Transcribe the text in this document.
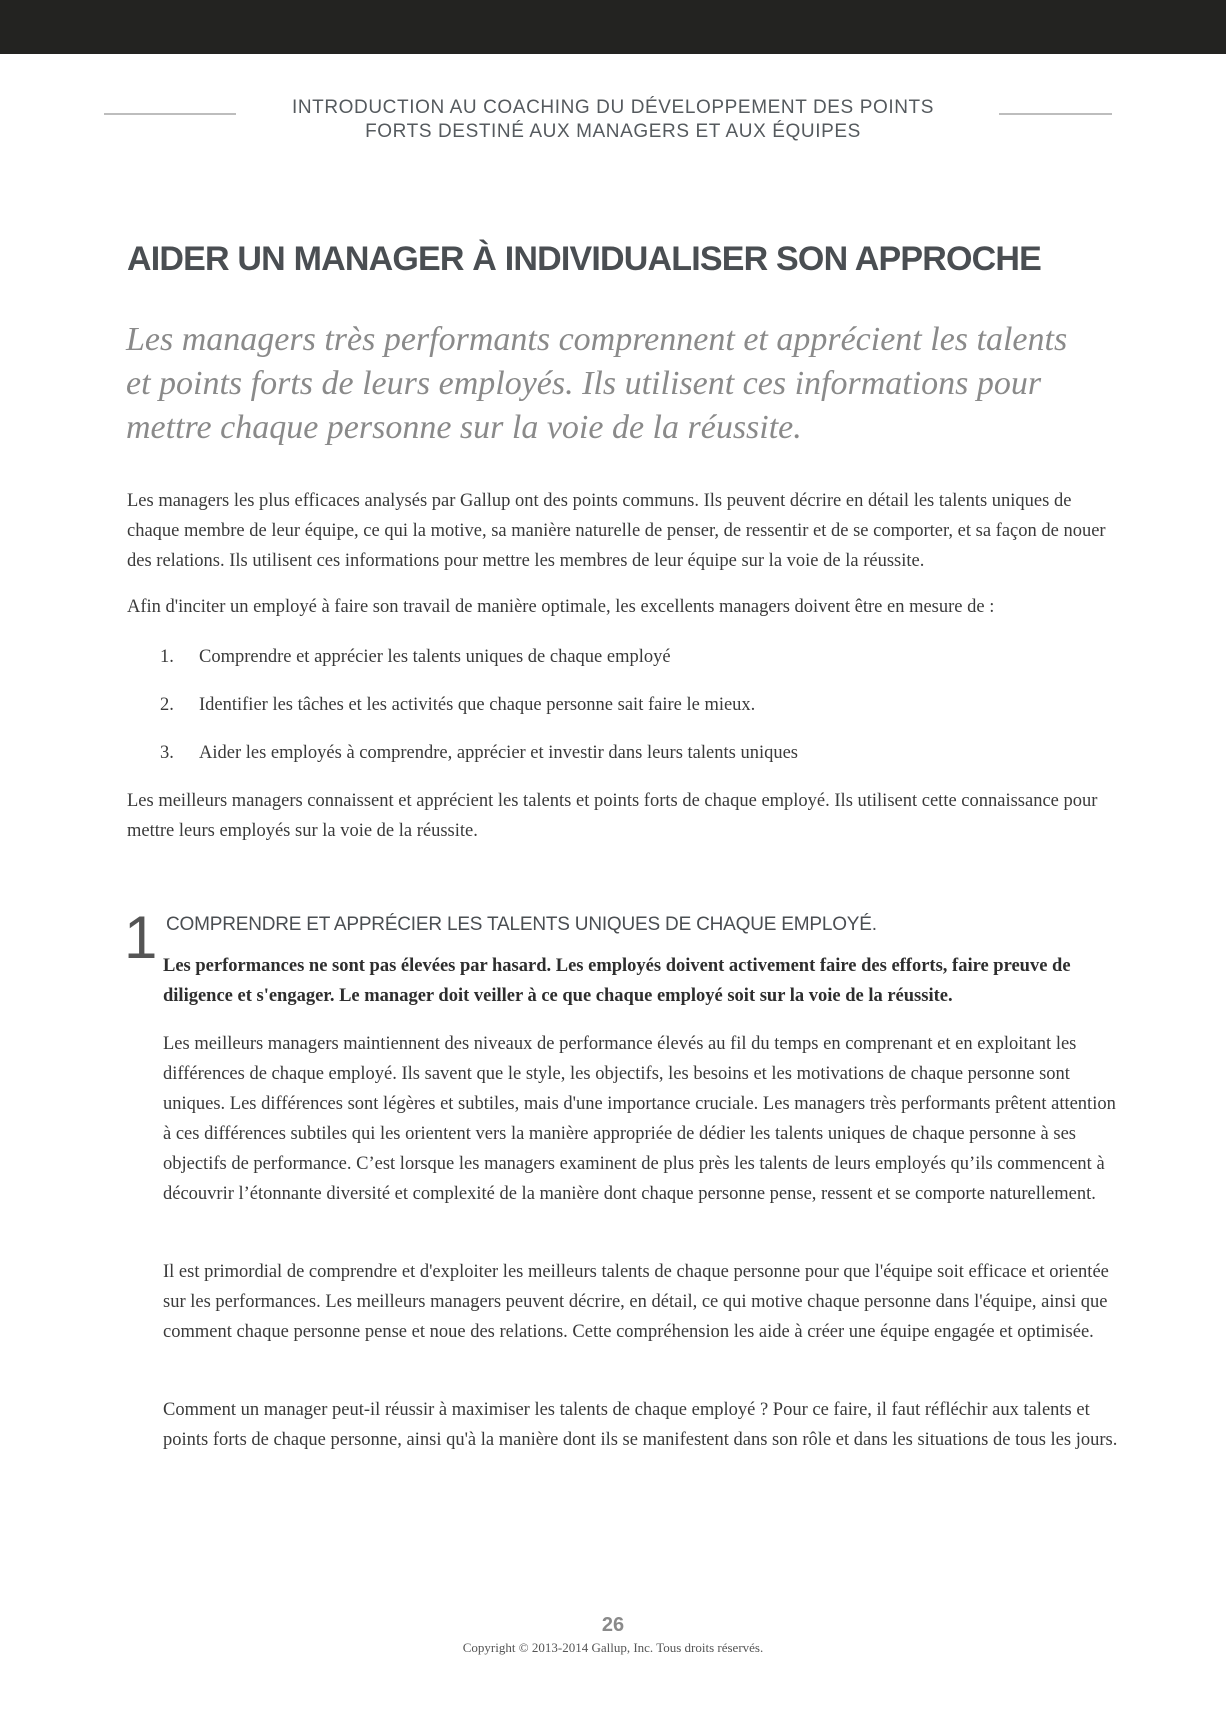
INTRODUCTION AU COACHING DU DÉVELOPPEMENT DES POINTS
FORTS DESTINÉ AUX MANAGERS ET AUX ÉQUIPES
AIDER UN MANAGER À INDIVIDUALISER SON APPROCHE

Les managers très performants comprennent et apprécient les talents et points forts de leurs employés. Ils utilisent ces informations pour mettre chaque personne sur la voie de la réussite.

Les managers les plus efficaces analysés par Gallup ont des points communs. Ils peuvent décrire en détail les talents uniques de chaque membre de leur équipe, ce qui la motive, sa manière naturelle de penser, de ressentir et de se comporter, et sa façon de nouer des relations. Ils utilisent ces informations pour mettre les membres de leur équipe sur la voie de la réussite.

Afin d'inciter un employé à faire son travail de manière optimale, les excellents managers doivent être en mesure de :

1.	Comprendre et apprécier les talents uniques de chaque employé
2.	Identifier les tâches et les activités que chaque personne sait faire le mieux.
3.	Aider les employés à comprendre, apprécier et investir dans leurs talents uniques

Les meilleurs managers connaissent et apprécient les talents et points forts de chaque employé. Ils utilisent cette connaissance pour mettre leurs employés sur la voie de la réussite.

1 COMPRENDRE ET APPRÉCIER LES TALENTS UNIQUES DE CHAQUE EMPLOYÉ.

Les performances ne sont pas élevées par hasard. Les employés doivent activement faire des efforts, faire preuve de diligence et s'engager. Le manager doit veiller à ce que chaque employé soit sur la voie de la réussite.

Les meilleurs managers maintiennent des niveaux de performance élevés au fil du temps en comprenant et en exploitant les différences de chaque employé. Ils savent que le style, les objectifs, les besoins et les motivations de chaque personne sont uniques. Les différences sont légères et subtiles, mais d'une importance cruciale. Les managers très performants prêtent attention à ces différences subtiles qui les orientent vers la manière appropriée de dédier les talents uniques de chaque personne à ses objectifs de performance. C’est lorsque les managers examinent de plus près les talents de leurs employés qu’ils commencent à découvrir l’étonnante diversité et complexité de la manière dont chaque personne pense, ressent et se comporte naturellement.

Il est primordial de comprendre et d'exploiter les meilleurs talents de chaque personne pour que l'équipe soit efficace et orientée sur les performances. Les meilleurs managers peuvent décrire, en détail, ce qui motive chaque personne dans l'équipe, ainsi que comment chaque personne pense et noue des relations. Cette compréhension les aide à créer une équipe engagée et optimisée.

Comment un manager peut-il réussir à maximiser les talents de chaque employé ? Pour ce faire, il faut réfléchir aux talents et points forts de chaque personne, ainsi qu'à la manière dont ils se manifestent dans son rôle et dans les situations de tous les jours.

26
Copyright © 2013-2014 Gallup, Inc. Tous droits réservés.
